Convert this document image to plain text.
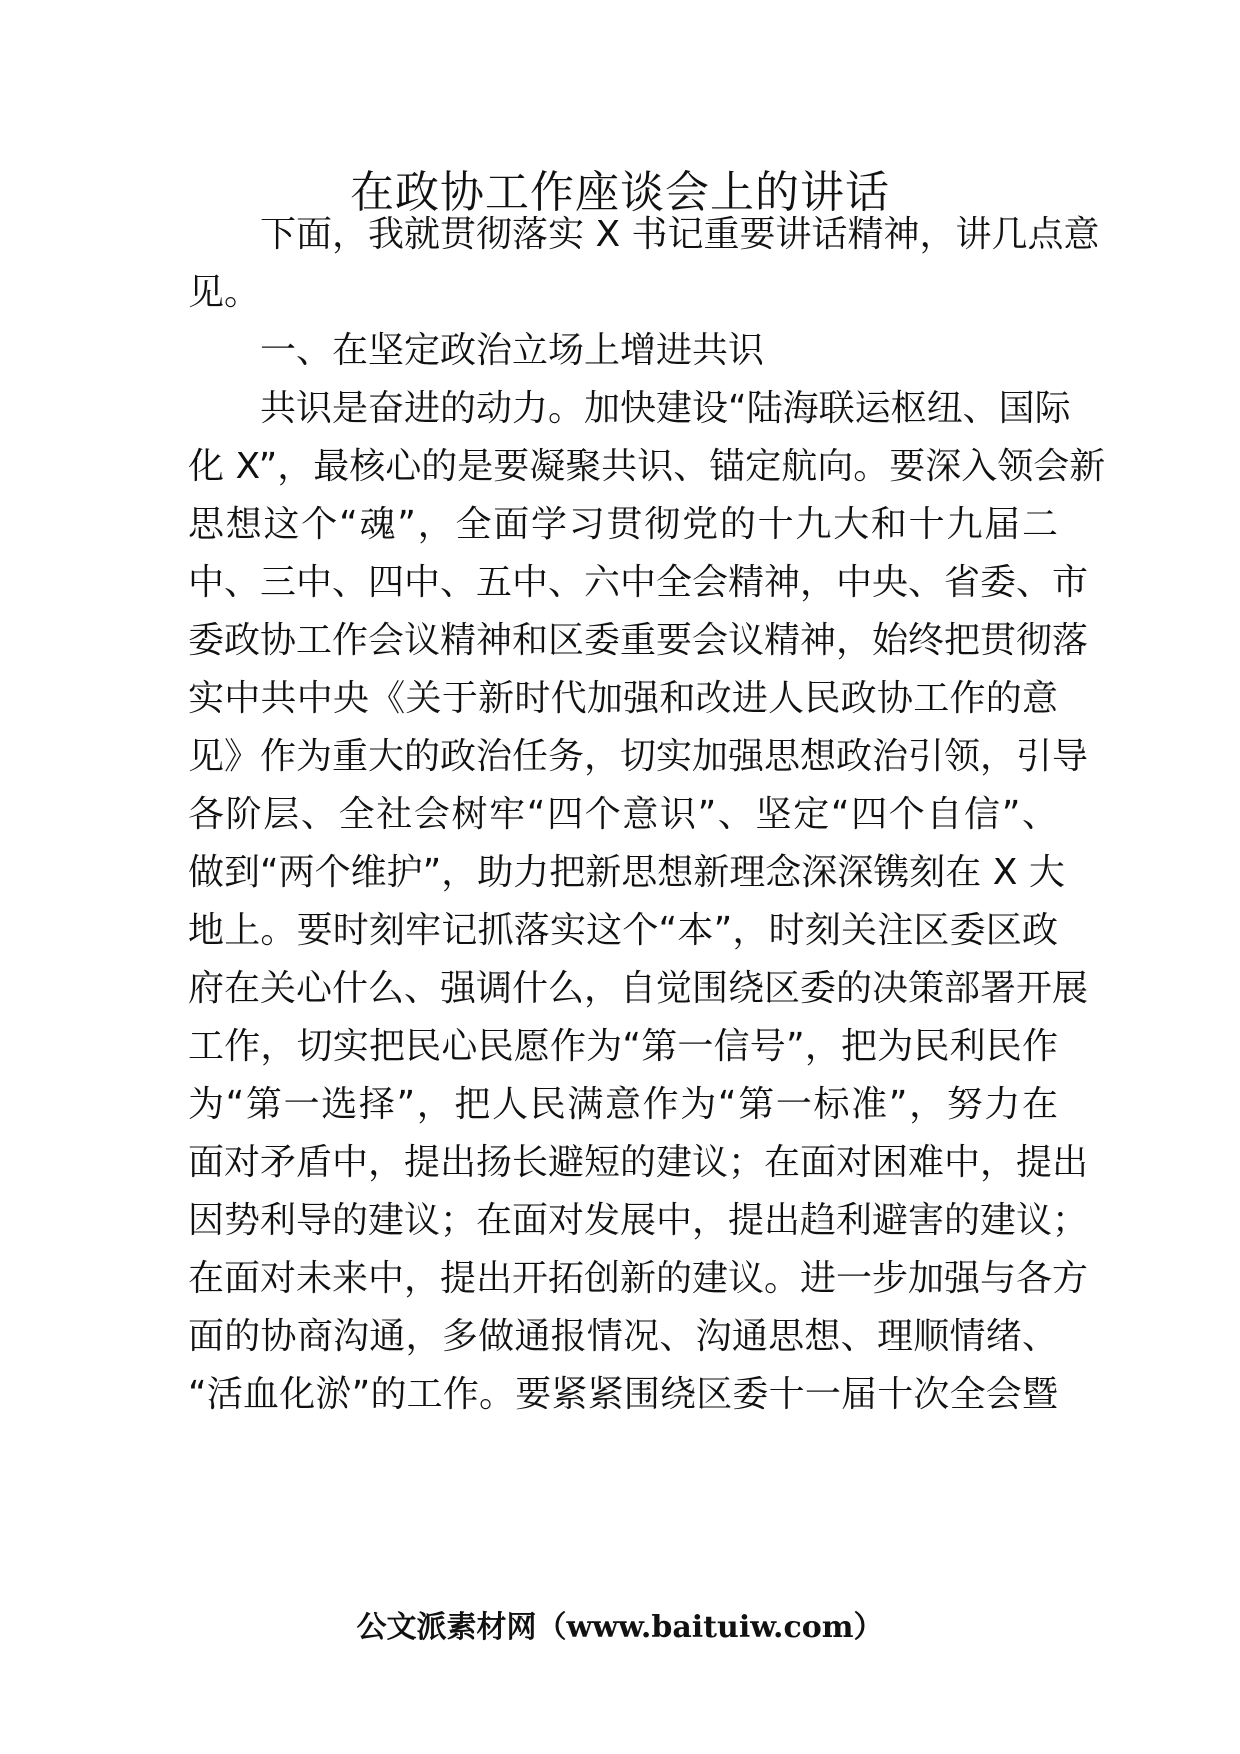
在政协工作座谈会上的讲话

下面，我就贯彻落实 X 书记重要讲话精神，讲几点意

见。

一、在坚定政治立场上增进共识

共识是奋进的动力。加快建设“陆海联运枢纽、国际

化 X”，最核心的是要凝聚共识、锚定航向。要深入领会新

思想这个“魂”，全面学习贯彻党的十九大和十九届二

中、三中、四中、五中、六中全会精神，中央、省委、市

委政协工作会议精神和区委重要会议精神，始终把贯彻落

实中共中央《关于新时代加强和改进人民政协工作的意

见》作为重大的政治任务，切实加强思想政治引领，引导

各阶层、全社会树牢“四个意识”、坚定“四个自信”、

做到“两个维护”，助力把新思想新理念深深镌刻在 X 大

地上。要时刻牢记抓落实这个“本”，时刻关注区委区政

府在关心什么、强调什么，自觉围绕区委的决策部署开展

工作，切实把民心民愿作为“第一信号”，把为民利民作

为“第一选择”，把人民满意作为“第一标准”，努力在

面对矛盾中，提出扬长避短的建议；在面对困难中，提出

因势利导的建议；在面对发展中，提出趋利避害的建议；

在面对未来中，提出开拓创新的建议。进一步加强与各方

面的协商沟通，多做通报情况、沟通思想、理顺情绪、

“活血化淤”的工作。要紧紧围绕区委十一届十次全会暨

公文派素材网（www.baituiw.com）
